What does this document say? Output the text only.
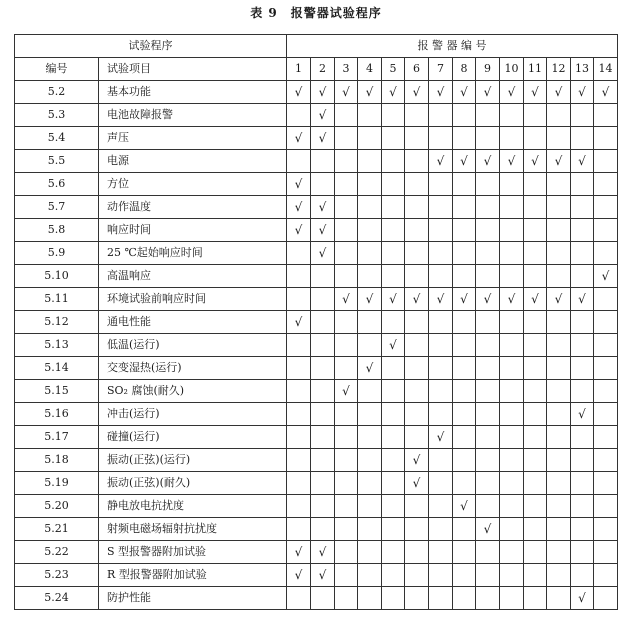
表 9　报警器试验程序
试验程序		报 警 器 编 号													
编号	试验项目	1	2	3	4	5	6	7	8	9	10	11	12	13	14
5.2	基本功能	√	√	√	√	√	√	√	√	√	√	√	√	√	√
5.3	电池故障报警		√												
5.4	声压	√	√												
5.5	电源							√	√	√	√	√	√	√	
5.6	方位	√													
5.7	动作温度	√	√												
5.8	响应时间	√	√												
5.9	25 ℃起始响应时间		√												
5.10	高温响应														√
5.11	环境试验前响应时间			√	√	√	√	√	√	√	√	√	√	√	
5.12	通电性能	√													
5.13	低温(运行)					√									
5.14	交变湿热(运行)				√										
5.15	SO₂ 腐蚀(耐久)			√											
5.16	冲击(运行)													√	
5.17	碰撞(运行)							√							
5.18	振动(正弦)(运行)						√								
5.19	振动(正弦)(耐久)						√								
5.20	静电放电抗扰度								√						
5.21	射频电磁场辐射抗扰度									√					
5.22	S 型报警器附加试验	√	√												
5.23	R 型报警器附加试验	√	√												
5.24	防护性能													√	
